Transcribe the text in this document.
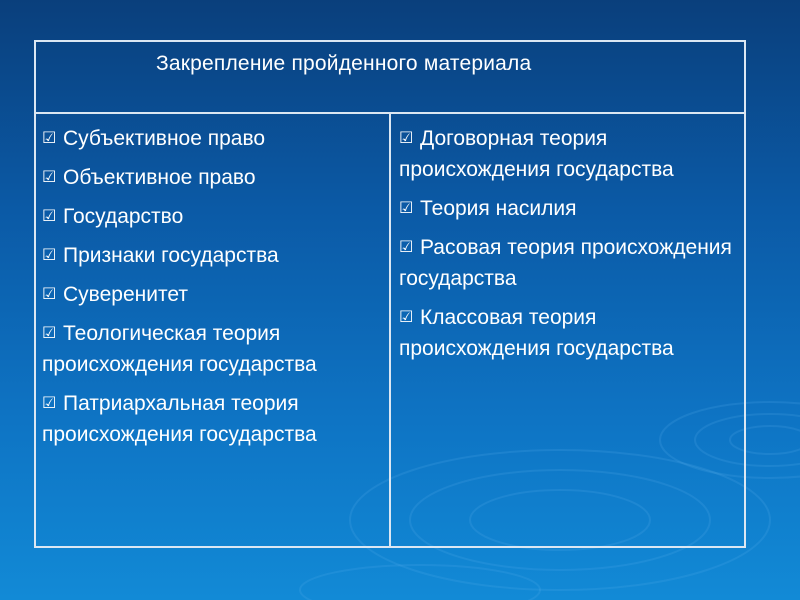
Закрепление пройденного материала
☑ Субъективное право
☑ Объективное право
☑ Государство
☑ Признаки государства
☑ Суверенитет
☑ Теологическая теория происхождения государства
☑ Патриархальная теория происхождения государства
☑ Договорная теория происхождения государства
☑ Теория насилия
☑ Расовая теория происхождения государства
☑ Классовая теория происхождения государства
